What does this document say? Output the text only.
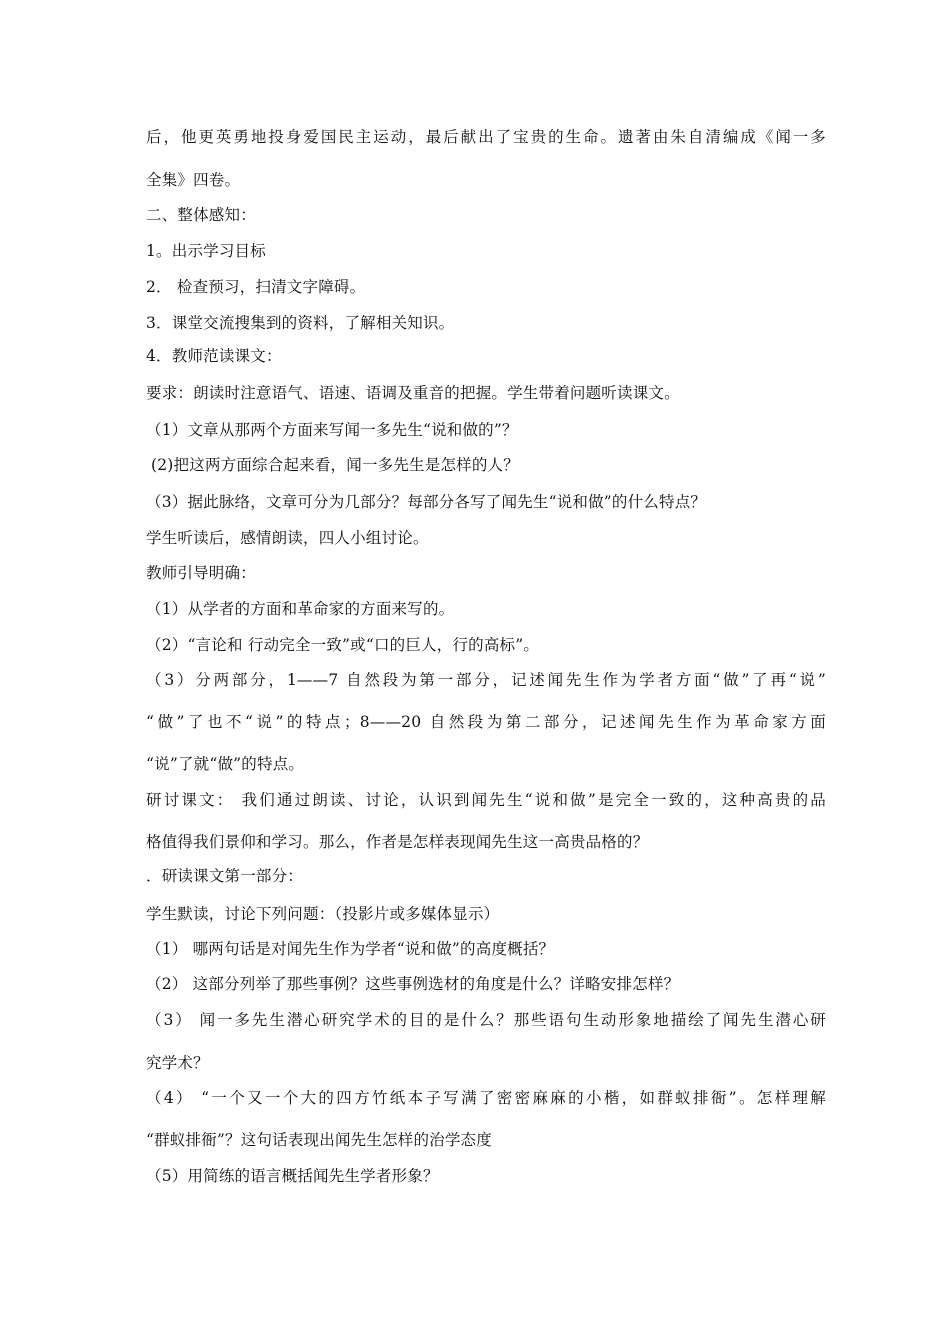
后，他更英勇地投身爱国民主运动，最后献出了宝贵的生命。遗著由朱自清编成《闻一多
全集》四卷。
二、整体感知：
1。出示学习目标
2． 检查预习，扫清文字障碍。
3．课堂交流搜集到的资料，了解相关知识。
4．教师范读课文：
要求：朗读时注意语气、语速、语调及重音的把握。学生带着问题听读课文。
（1）文章从那两个方面来写闻一多先生“说和做的”？
(2)把这两方面综合起来看，闻一多先生是怎样的人？
（3）据此脉络，文章可分为几部分？每部分各写了闻先生“说和做”的什么特点？
学生听读后，感情朗读，四人小组讨论。
教师引导明确：
（1）从学者的方面和革命家的方面来写的。
（2）“言论和 行动完全一致”或“口的巨人，行的高标”。
（3）分两部分，1——7 自然段为第一部分，记述闻先生作为学者方面“做”了再“说”
“做”了也不“说”的特点；8——20 自然段为第二部分，记述闻先生作为革命家方面
“说”了就“做”的特点。
研讨课文： 我们通过朗读、讨论，认识到闻先生“说和做”是完全一致的，这种高贵的品
格值得我们景仰和学习。那么，作者是怎样表现闻先生这一高贵品格的？
．研读课文第一部分：
学生默读，讨论下列问题：（投影片或多媒体显示）
（1） 哪两句话是对闻先生作为学者“说和做”的高度概括？
（2） 这部分列举了那些事例？这些事例选材的角度是什么？详略安排怎样？
（3） 闻一多先生潜心研究学术的目的是什么？那些语句生动形象地描绘了闻先生潜心研
究学术？
（4） “一个又一个大的四方竹纸本子写满了密密麻麻的小楷，如群蚁排衙”。怎样理解
“群蚁排衙”？这句话表现出闻先生怎样的治学态度
（5）用简练的语言概括闻先生学者形象？
